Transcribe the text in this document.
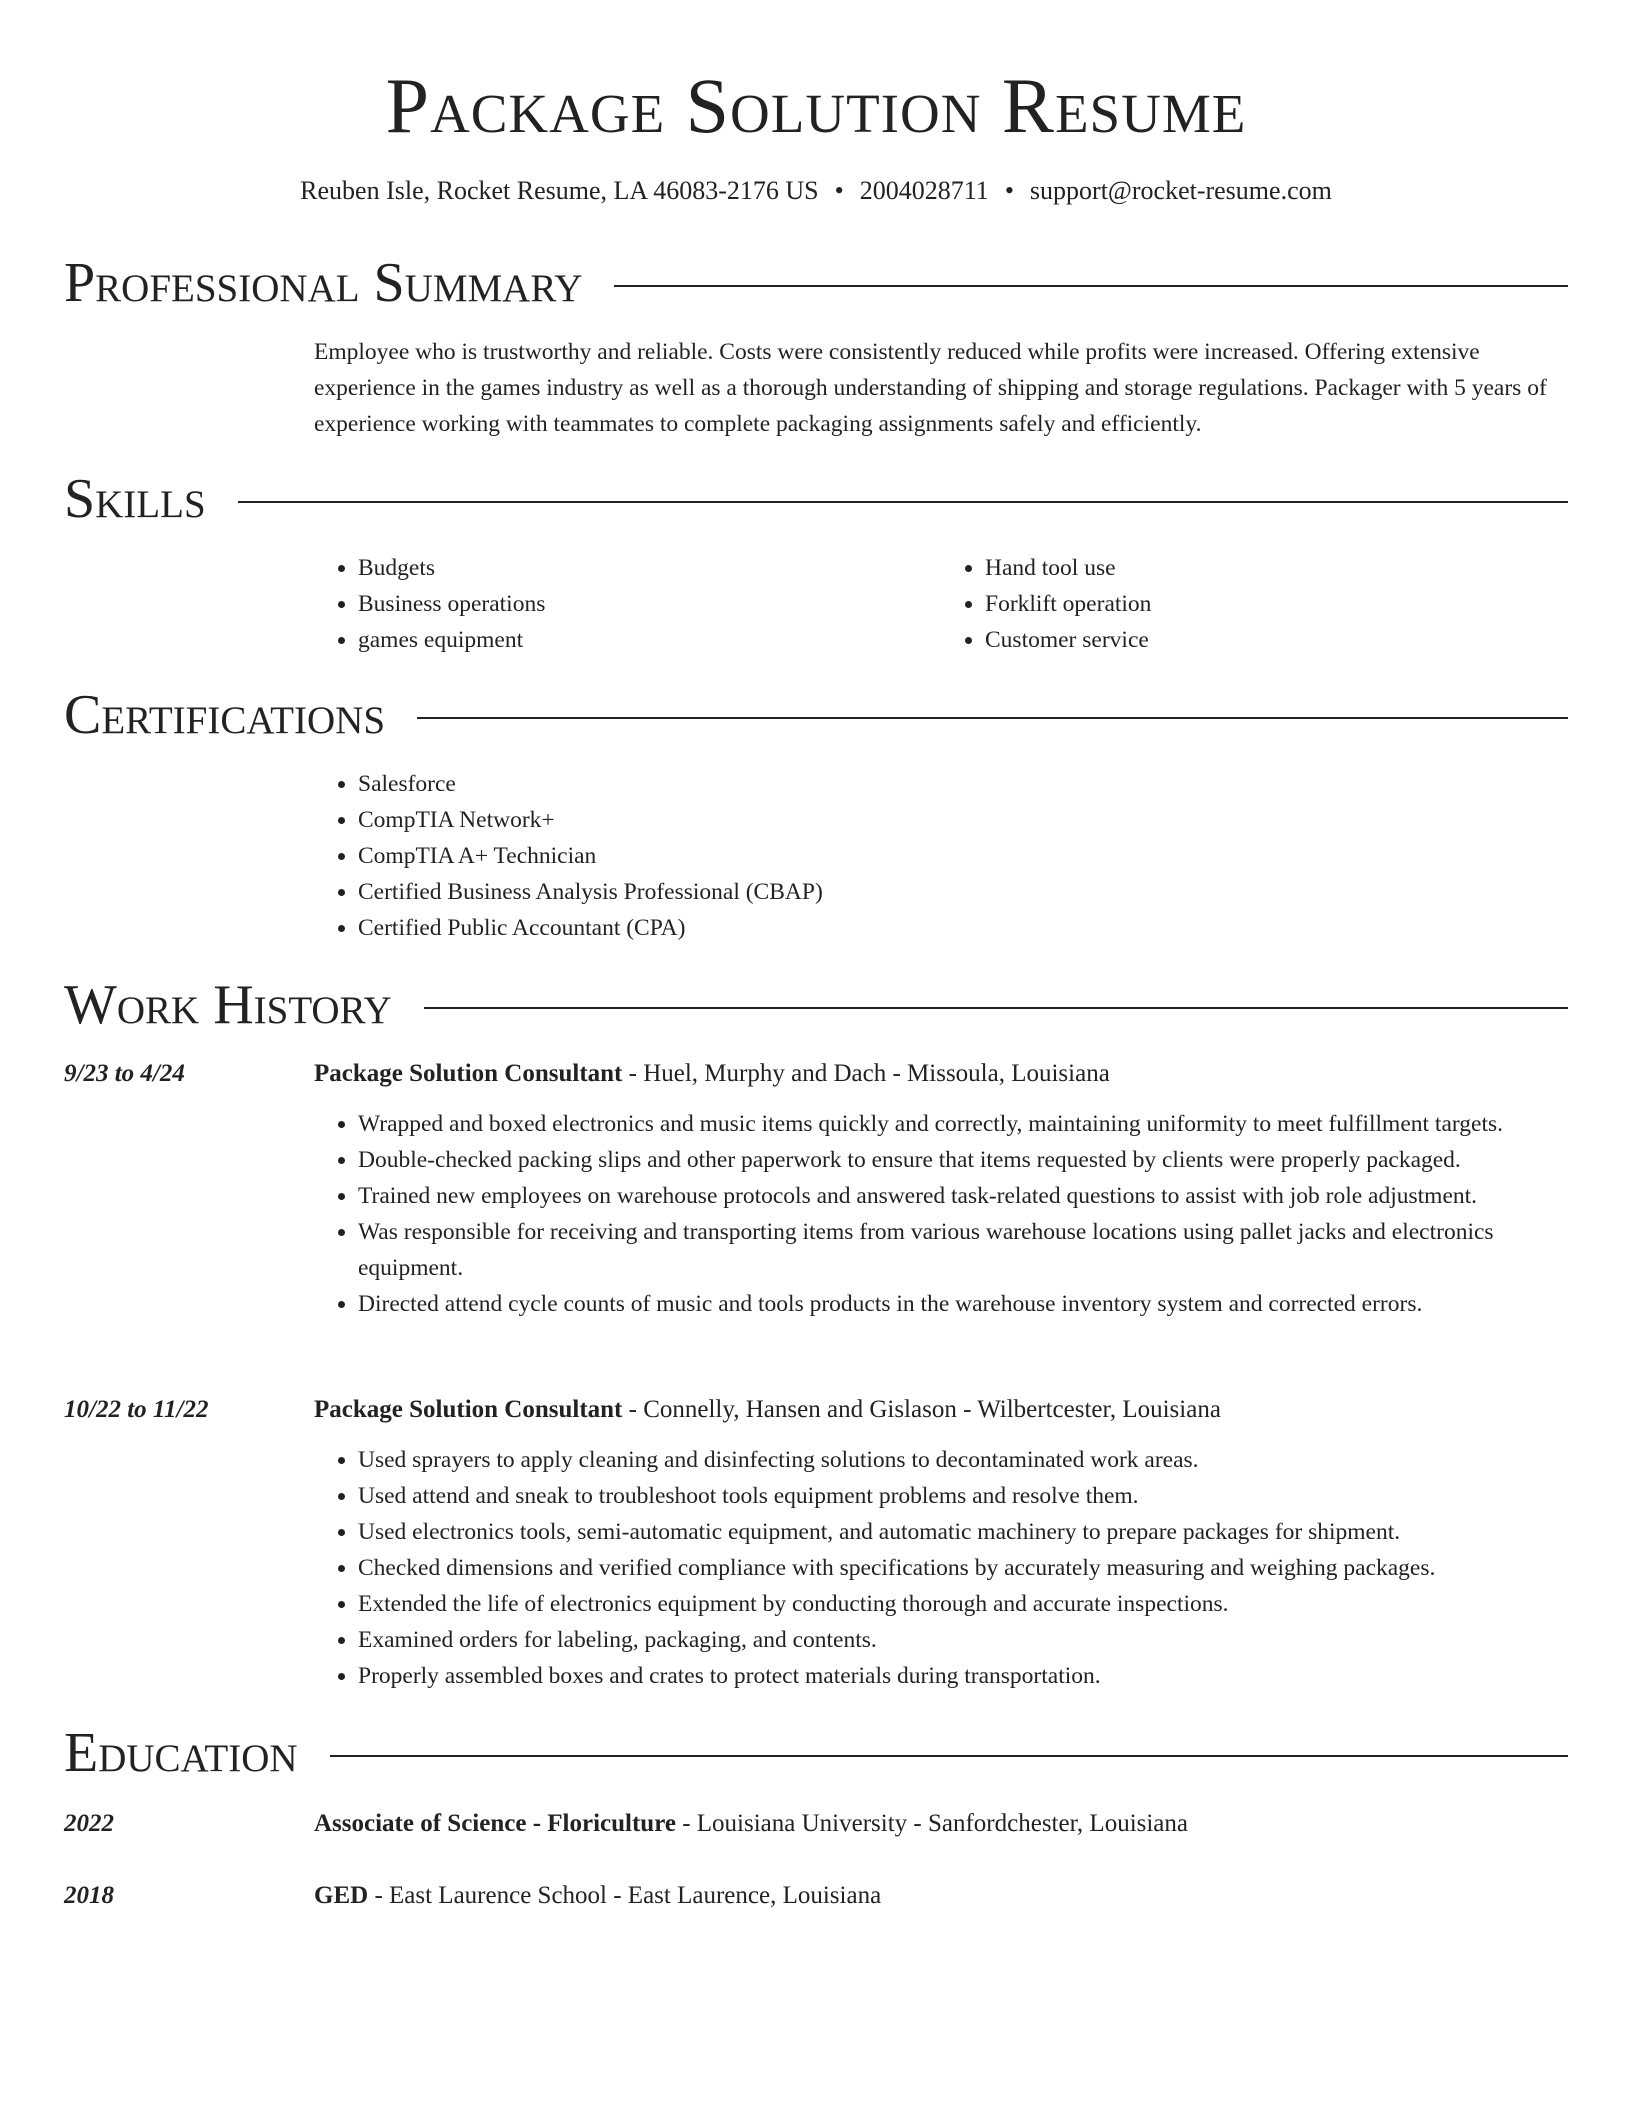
Package Solution Resume
Reuben Isle, Rocket Resume, LA 46083-2176 US • 2004028711 • support@rocket-resume.com
Professional Summary

Employee who is trustworthy and reliable. Costs were consistently reduced while profits were increased. Offering extensive experience in the games industry as well as a thorough understanding of shipping and storage regulations. Packager with 5 years of experience working with teammates to complete packaging assignments safely and efficiently.

Skills
• Budgets
• Business operations
• games equipment
• Hand tool use
• Forklift operation
• Customer service
Certifications
• Salesforce
• CompTIA Network+
• CompTIA A+ Technician
• Certified Business Analysis Professional (CBAP)
• Certified Public Accountant (CPA)
Work History
9/23 to 4/24	Package Solution Consultant - Huel, Murphy and Dach - Missoula, Louisiana

• Wrapped and boxed electronics and music items quickly and correctly, maintaining uniformity to meet fulfillment targets.
• Double-checked packing slips and other paperwork to ensure that items requested by clients were properly packaged.
• Trained new employees on warehouse protocols and answered task-related questions to assist with job role adjustment.
• Was responsible for receiving and transporting items from various warehouse locations using pallet jacks and electronics equipment.
• Directed attend cycle counts of music and tools products in the warehouse inventory system and corrected errors.
10/22 to 11/22	Package Solution Consultant - Connelly, Hansen and Gislason - Wilbertcester, Louisiana

• Used sprayers to apply cleaning and disinfecting solutions to decontaminated work areas.
• Used attend and sneak to troubleshoot tools equipment problems and resolve them.
• Used electronics tools, semi-automatic equipment, and automatic machinery to prepare packages for shipment.
• Checked dimensions and verified compliance with specifications by accurately measuring and weighing packages.
• Extended the life of electronics equipment by conducting thorough and accurate inspections.
• Examined orders for labeling, packaging, and contents.
• Properly assembled boxes and crates to protect materials during transportation.
Education
2022	Associate of Science - Floriculture - Louisiana University - Sanfordchester, Louisiana

2018	GED - East Laurence School - East Laurence, Louisiana
